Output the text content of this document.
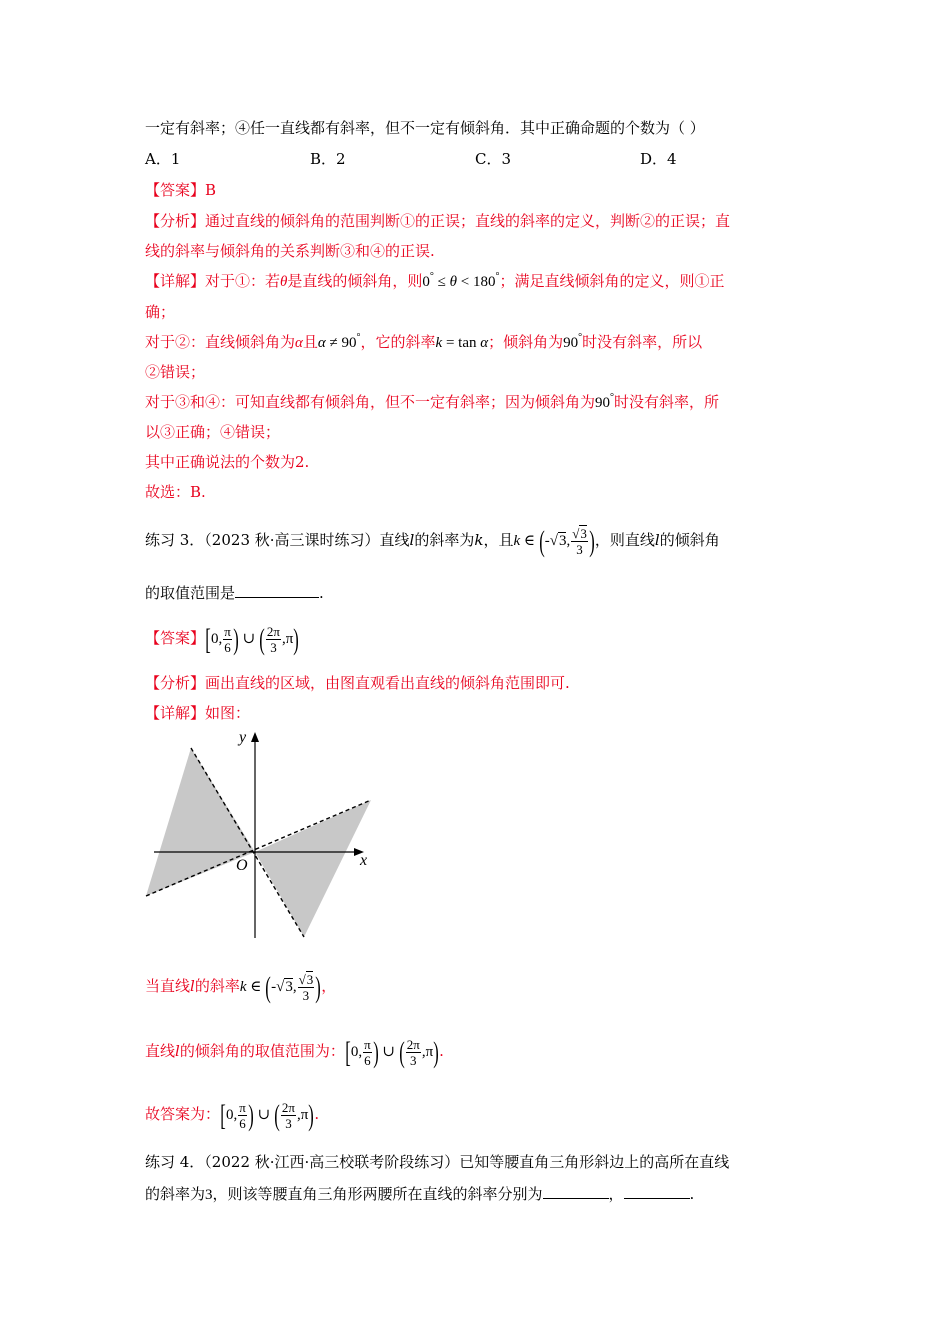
一定有斜率；④任一直线都有斜率，但不一定有倾斜角．其中正确命题的个数为（ ）
A．1	B．2	C．3	D．4
【答案】B
【分析】通过直线的倾斜角的范围判断①的正误；直线的斜率的定义，判断②的正误；直
线的斜率与倾斜角的关系判断③和④的正误.
【详解】对于①：若θ是直线的倾斜角，则0° ≤ θ < 180°；满足直线倾斜角的定义，则①正
确；
对于②：直线倾斜角为α且α ≠ 90°，它的斜率k = tan α；倾斜角为90°时没有斜率，所以
②错误；
对于③和④：可知直线都有倾斜角，但不一定有斜率；因为倾斜角为90°时没有斜率，所
以③正确；④错误；
其中正确说法的个数为2.
故选：B.
练习 3．（2023 秋·高三课时练习）直线l的斜率为k，且k ∈ (-√3, $\frac{√3}{3}$ )，则直线l的倾斜角
的取值范围是	.
【答案】[0, $\frac{\pi}{6}$ ) ∪ ( $\frac{2\pi}{3} ,\pi$)
【分析】画出直线的区域，由图直观看出直线的倾斜角范围即可.
【详解】如图：
y
x
O
当直线l的斜率k ∈ (-√3, $\frac{√3}{3}$ )，
直线l的倾斜角的取值范围为：[0, $\frac{\pi}{6}$ ) ∪ ( $\frac{2\pi}{3} ,\pi$).
故答案为：[0, $\frac{\pi}{6}$ ) ∪ ( $\frac{2\pi}{3} ,\pi$).
练习 4．（2022 秋·江西·高三校联考阶段练习）已知等腰直角三角形斜边上的高所在直线
的斜率为3，则该等腰直角三角形两腰所在直线的斜率分别为	，	.
